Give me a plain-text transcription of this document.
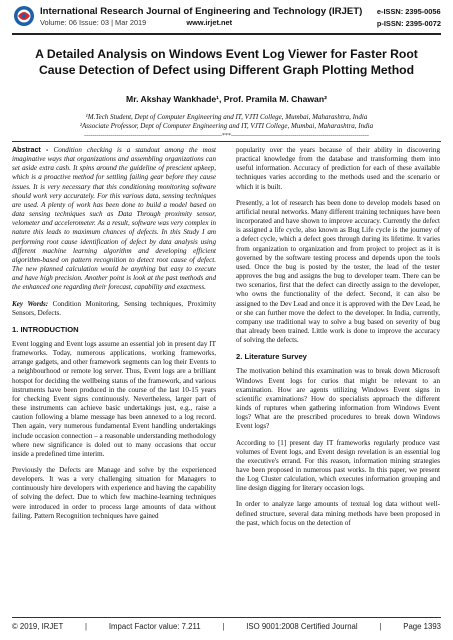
International Research Journal of Engineering and Technology (IRJET)
Volume: 06 Issue: 03 | Mar 2019	www.irjet.net
e-ISSN: 2395-0056
p-ISSN: 2395-0072
A Detailed Analysis on Windows Event Log Viewer for Faster Root Cause Detection of Defect using Different Graph Plotting Method
Mr. Akshay Wankhade¹, Prof. Pramila M. Chawan²
¹M.Tech Student, Dept of Computer Engineering and IT, VJTI College, Mumbai, Maharashtra, India
²Associate Professor, Dept of Computer Engineering and IT, VJTI College, Mumbai, Maharashtra, India
---------------------------------------------------------------------***---------------------------------------------------------------------

Abstract - Condition checking is a standout among the most imaginative ways that organizations and assembling organizations can set aside extra cash. It spins around the guideline of prescient upkeep, which is a proactive method for settling failing gear before they cause issues. It is very necessary that this conditioning monitoring software should work very accurately. For this various data, sensing techniques are used. A plenty of work has been done to build a model based on data sensing techniques such as Data Through proximity sensor, velometer and accelerometer. As a result, software was very complex in nature this leads to maximum chances of defects. In this Study I am performing root cause identification of defect by data analysis using different machine learning algorithm and developing efficient algorithm-based on pattern recognition to detect root cause of defect. The new planned calculation would be anything but easy to execute and have high precision. Another point is look at the past methods and the enhanced one regarding their forecast, capability and exactness.

Key Words: Condition Monitoring, Sensing techniques, Proximity Sensors, Defects.

1. INTRODUCTION

Event logging and Event logs assume an essential job in present day IT frameworks. Today, numerous applications, working frameworks, arrange gadgets, and other framework segments can log their Events to a neighbourhood or remote log server. Thus, Event logs are a brilliant hotspot for deciding the wellbeing status of the framework, and various instruments have been produced in the course of the last 10-15 years for checking Event signs continuously. Nevertheless, larger part of these instruments can achieve basic undertakings just, e.g., raise a caution following a blame message has been annexed to a log record. Then again, very numerous fundamental Event handling undertakings include occasion connection – a reasonable understanding methodology where new significance is doled out to many occasions that occur inside a predefined time interim.

Previously the Defects are Manage and solve by the experienced developers. It was a very challenging situation for Managers to continuously hire developers with experience and having the capability of solving the defect. Due to which few machine-learning techniques were introduced in order to process large amounts of data without failing. Pattern Recognition techniques have gained

popularity over the years because of their ability in discovering practical knowledge from the database and transforming them into useful information. Accuracy of prediction for each of these available techniques varies according to the methods used and the scenario or which it is built.

Presently, a lot of research has been done to develop models based on artificial neural networks. Many different training techniques have been incorporated and have shown to improve accuracy. Currently the defect is assigned a life cycle, also known as Bug Life cycle is the journey of a defect cycle, which a defect goes through during its lifetime. It varies from organization to organization and from project to project as it is governed by the software testing process and depends upon the tools used. Once the bug is posted by the tester, the lead of the tester approves the bug and assigns the bug to developer team. There can be two scenarios, first that the defect can directly assign to the developer, who owns the functionality of the defect. Second, it can also be assigned to the Dev Lead and once it is approved with the Dev Lead, he or she can further move the defect to the developer. In India, currently, company use traditional way to solve a bug based on severity of bug that already been trained. Little work is done to improve the accuracy of solving the defects.

2. Literature Survey

The motivation behind this examination was to break down Microsoft Windows Event logs for curios that might be relevant to an examination. How are agents utilizing Windows Event signs in scientific examinations? How do specialists approach the different kinds of ruptures when gathering information from Windows Event logs? What are the prescribed procedures to break down Windows Event logs?

According to [1] present day IT frameworks regularly produce vast volumes of Event logs, and Event design revelation is an essential log the executive's errand. For this reason, information mining strategies have been proposed in numerous past works. In this paper, we present the Log Cluster calculation, which executes information grouping and line design digging for literary occasion logs.

In order to analyze large amounts of textual log data without well-defined structure, several data mining methods have been proposed in the past, which focus on the detection of

© 2019, IRJET	|	Impact Factor value: 7.211	|	ISO 9001:2008 Certified Journal	|	Page 1393
